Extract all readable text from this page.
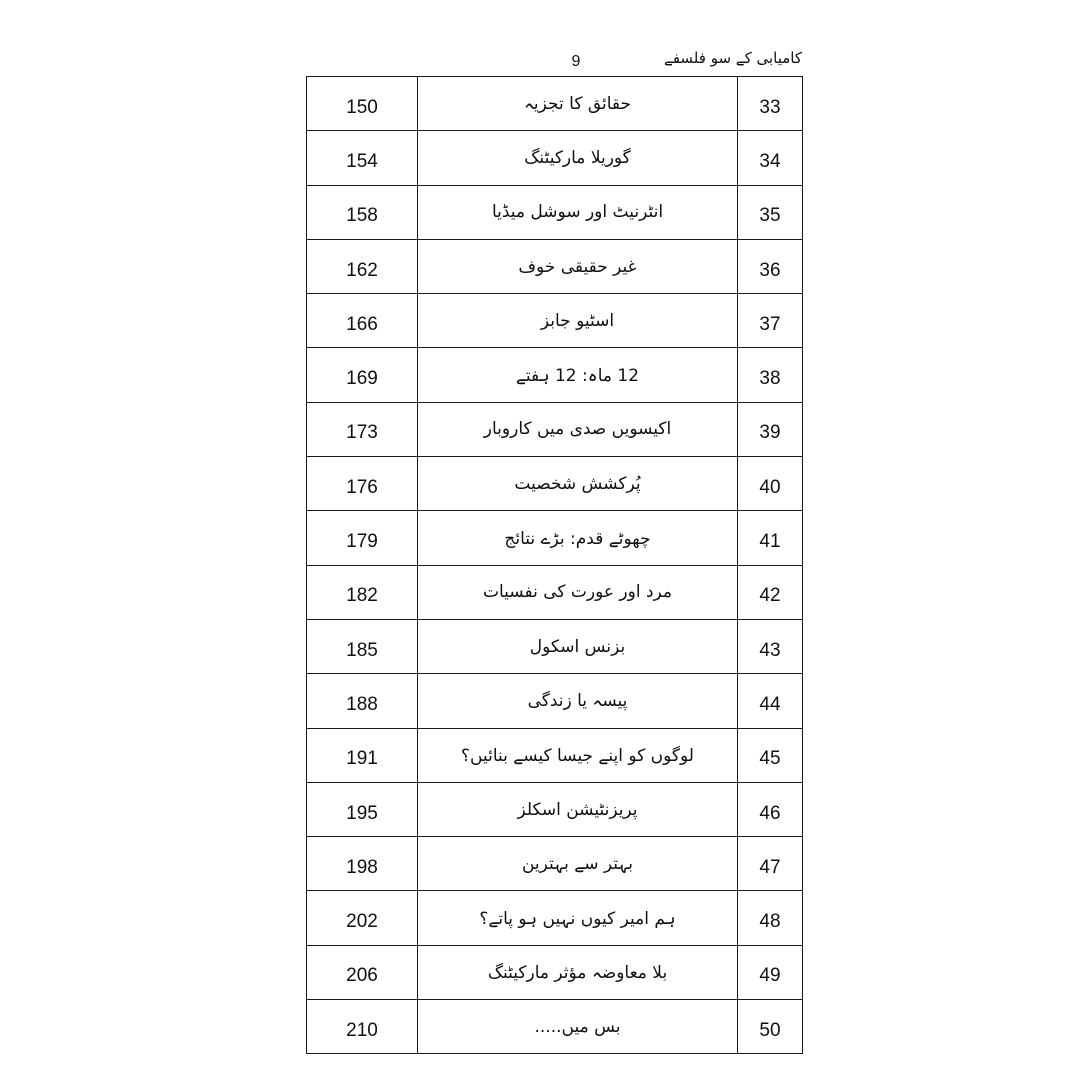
9	کامیابی کے سو فلسفے
150	حقائق کا تجزیہ	33
154	گوریلا مارکیٹنگ	34
158	انٹرنیٹ اور سوشل میڈیا	35
162	غیر حقیقی خوف	36
166	اسٹیو جابز	37
169	12 ماہ: 12 ہفتے	38
173	اکیسویں صدی میں کاروبار	39
176	پُرکشش شخصیت	40
179	چھوٹے قدم: بڑے نتائج	41
182	مرد اور عورت کی نفسیات	42
185	بزنس اسکول	43
188	پیسہ یا زندگی	44
191	لوگوں کو اپنے جیسا کیسے بنائیں؟	45
195	پریزنٹیشن اسکلز	46
198	بہتر سے بہترین	47
202	ہم امیر کیوں نہیں ہو پاتے؟	48
206	بلا معاوضہ مؤثر مارکیٹنگ	49
210	بس میں.....	50
